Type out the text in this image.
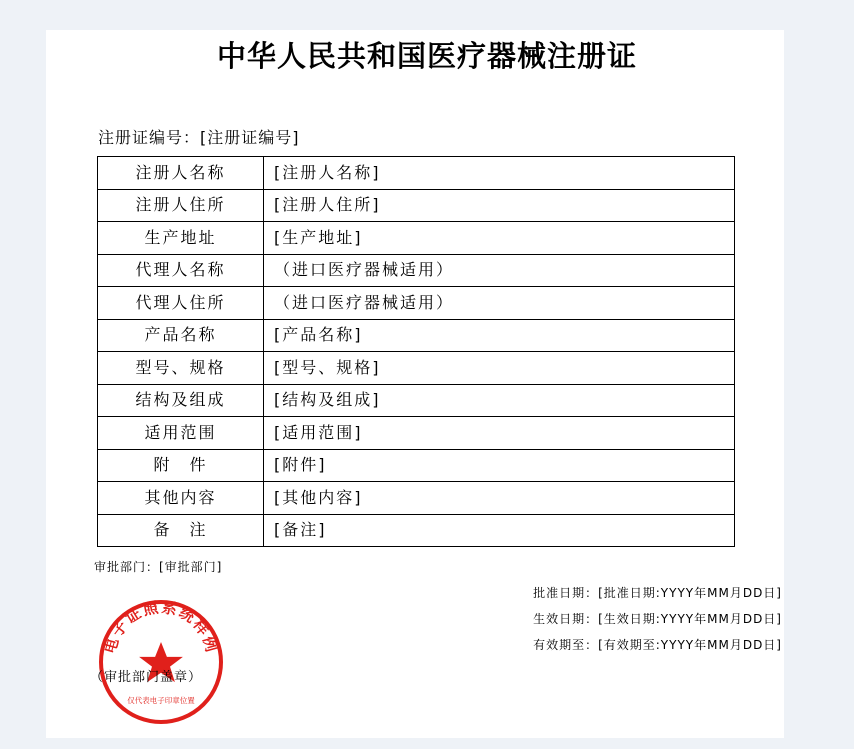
中华人民共和国医疗器械注册证
注册证编号：[注册证编号]
注册人名称	[注册人名称]
注册人住所	[注册人住所]
生产地址	[生产地址]
代理人名称	（进口医疗器械适用）
代理人住所	（进口医疗器械适用）
产品名称	[产品名称]
型号、规格	[型号、规格]
结构及组成	[结构及组成]
适用范围	[适用范围]
附　件	[附件]
其他内容	[其他内容]
备　注	[备注]
审批部门：[审批部门]
批准日期：[批准日期:YYYY年MM月DD日]
生效日期：[生效日期:YYYY年MM月DD日]
有效期至：[有效期至:YYYY年MM月DD日]
电子证照系统样例
仅代表电子印章位置
（审批部门盖章）
